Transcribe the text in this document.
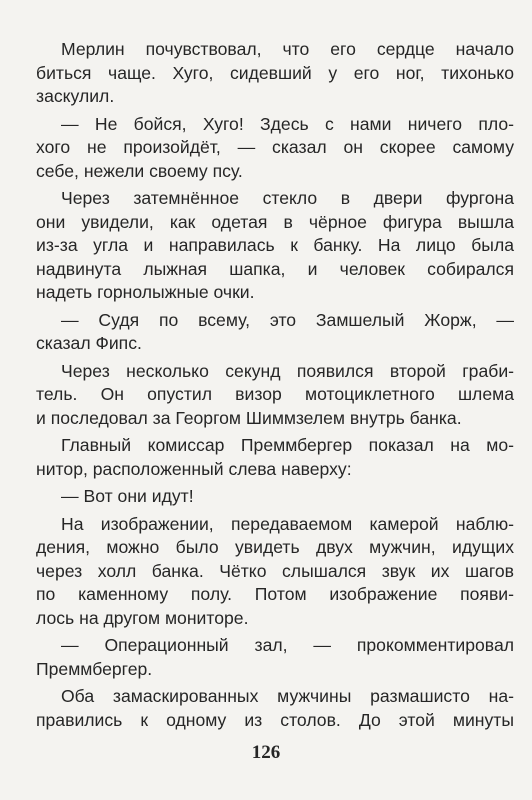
Мерлин почувствовал, что его сердце начало
биться чаще. Хуго, сидевший у его ног, тихонько
заскулил.
— Не бойся, Хуго! Здесь с нами ничего пло-
хого не произойдёт, — сказал он скорее самому
себе, нежели своему псу.
Через затемнённое стекло в двери фургона
они увидели, как одетая в чёрное фигура вышла
из-за угла и направилась к банку. На лицо была
надвинута лыжная шапка, и человек собирался
надеть горнолыжные очки.
— Судя по всему, это Замшелый Жорж, —
сказал Фипс.
Через несколько секунд появился второй граби-
тель. Он опустил визор мотоциклетного шлема
и последовал за Георгом Шиммзелем внутрь банка.
Главный комиссар Преммбергер показал на мо-
нитор, расположенный слева наверху:
— Вот они идут!
На изображении, передаваемом камерой наблю-
дения, можно было увидеть двух мужчин, идущих
через холл банка. Чётко слышался звук их шагов
по каменному полу. Потом изображение появи-
лось на другом мониторе.
— Операционный зал, — прокомментировал
Преммбергер.
Оба замаскированных мужчины размашисто на-
правились к одному из столов. До этой минуты
126
